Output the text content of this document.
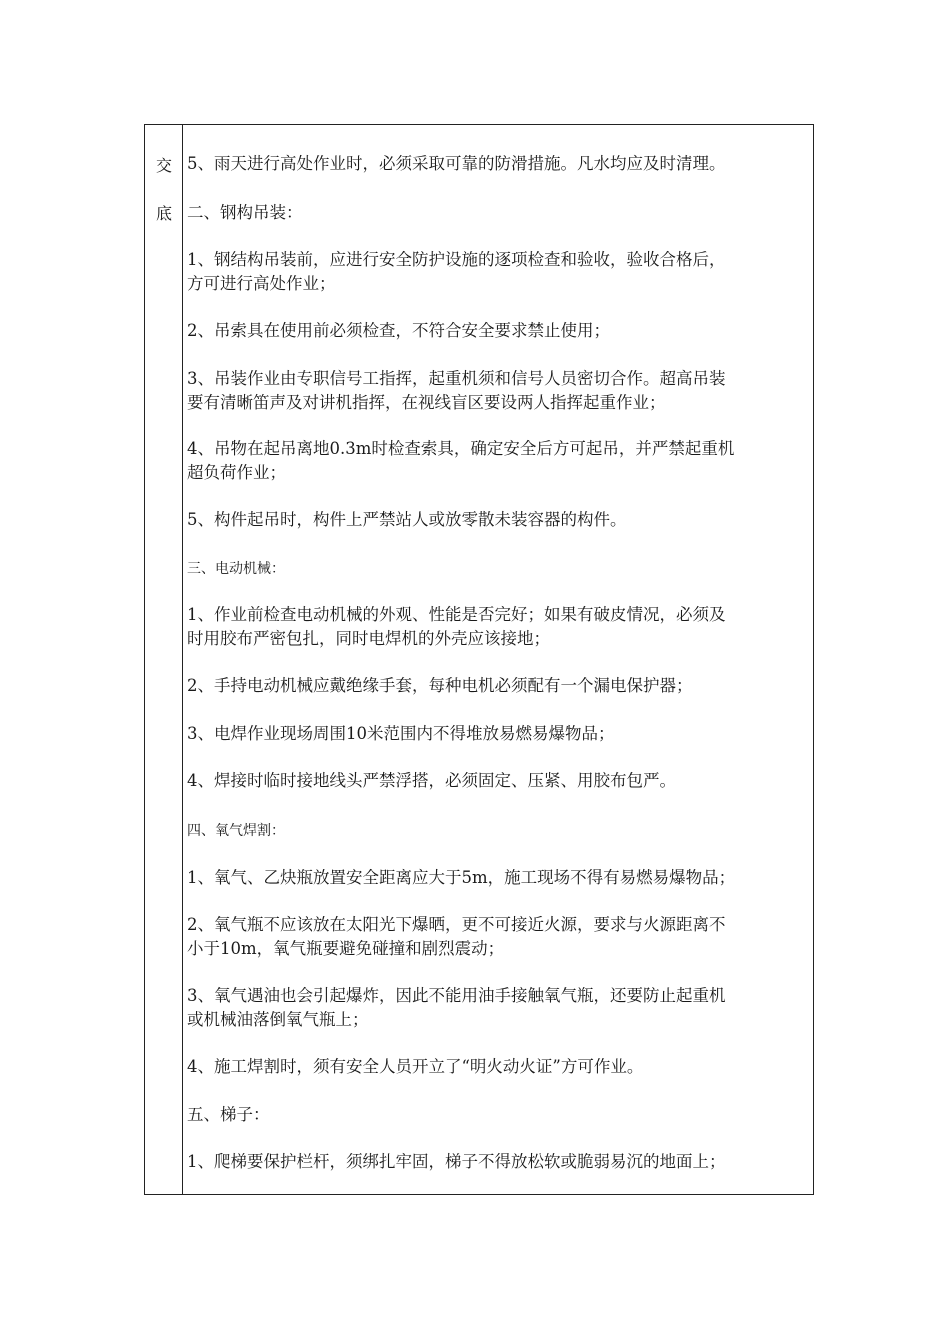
交
底
5、雨天进行高处作业时，必须采取可靠的防滑措施。凡水均应及时清理。
二、钢构吊装：
1、钢结构吊装前，应进行安全防护设施的逐项检查和验收，验收合格后，
方可进行高处作业；
2、吊索具在使用前必须检查，不符合安全要求禁止使用；
3、吊装作业由专职信号工指挥，起重机须和信号人员密切合作。超高吊装
要有清晰笛声及对讲机指挥，在视线盲区要设两人指挥起重作业；
4、吊物在起吊离地0.3m时检查索具，确定安全后方可起吊，并严禁起重机
超负荷作业；
5、构件起吊时，构件上严禁站人或放零散未装容器的构件。
三、电动机械：
1、作业前检查电动机械的外观、性能是否完好；如果有破皮情况，必须及
时用胶布严密包扎，同时电焊机的外壳应该接地；
2、手持电动机械应戴绝缘手套，每种电机必须配有一个漏电保护器；
3、电焊作业现场周围10米范围内不得堆放易燃易爆物品；
4、焊接时临时接地线头严禁浮搭，必须固定、压紧、用胶布包严。
四、氧气焊割：
1、氧气、乙炔瓶放置安全距离应大于5m，施工现场不得有易燃易爆物品；
2、氧气瓶不应该放在太阳光下爆晒，更不可接近火源，要求与火源距离不
小于10m，氧气瓶要避免碰撞和剧烈震动；
3、氧气遇油也会引起爆炸，因此不能用油手接触氧气瓶，还要防止起重机
或机械油落倒氧气瓶上；
4、施工焊割时，须有安全人员开立了“明火动火证”方可作业。
五、梯子：
1、爬梯要保护栏杆，须绑扎牢固，梯子不得放松软或脆弱易沉的地面上；
